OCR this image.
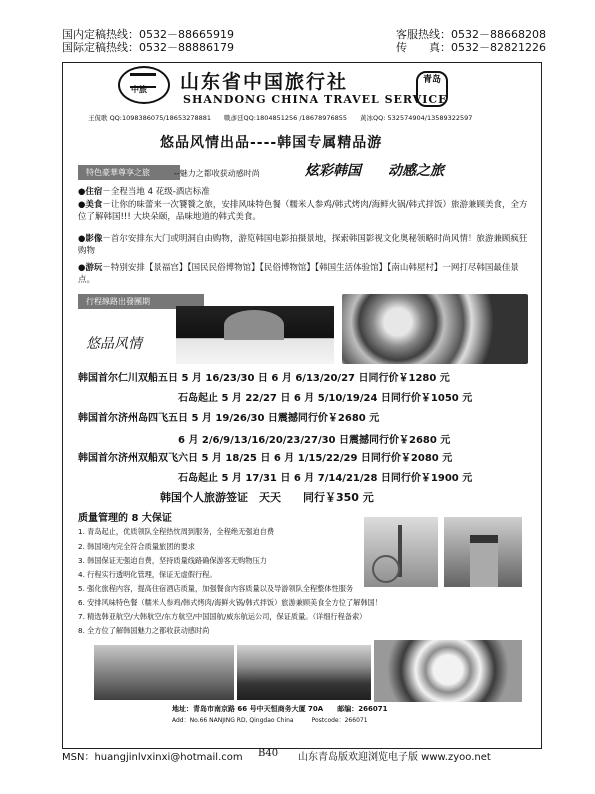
国内定稿热线：0532－88665919
国际定稿热线：0532－88886179
客服热线：0532－88668208
传　　真：0532－82821226
中旅 山东省中国旅行社
SHANDONG CHINA TRAVEL SERVICE
青岛
王侃歌 QQ:1098386075/18653278881　　戰彥廷QQ:1804851256 /18678976855　　黃冰QQ: 532574904/13589322597
悠品风情出品----韩国专属精品游
特色豪華尊享之旅	--魅力之都收获动感时尚	炫彩韩国 动感之旅
●住宿－全程当地 4 花级-酒店标准
●美食－让你的味蕾来一次饕餮之旅，安排风味特色餐（糯米人参鸡/韩式烤肉/海鲜火锅/韩式拌饭）旅游兼顾美食，全方位了解韩国!!! 大块朵颐，品味地道的韩式美食。
●影像－首尔安排东大门或明洞自由购物，游览韩国电影拍摄景地，探索韩国影视文化奥秘领略时尚风情！旅游兼顾疯狂购物
●游玩－特别安排【景福宫】【国民民俗博物馆】【民俗博物馆】【韩国生活体验馆】【南山韩屋村】一网打尽韩国最佳景点。
行程線路出發團期
悠品风情
韩国首尔仁川双船五日 5 月 16/23/30 日 6 月 6/13/20/27 日同行价￥1280 元
石岛起止 5 月 22/27 日 6 月 5/10/19/24 日同行价￥1050 元
韩国首尔济州岛四飞五日 5 月 19/26/30 日震撼同行价￥2680 元
6 月 2/6/9/13/16/20/23/27/30 日震撼同行价￥2680 元
韩国首尔济州双船双飞六日 5 月 18/25 日 6 月 1/15/22/29 日同行价￥2080 元
石岛起止 5 月 17/31 日 6 月 7/14/21/28 日同行价￥1900 元
韩国个人旅游签证　天天　　同行￥350 元
质量管理的 8 大保证
1. 青岛起止，优质领队全程热忱周到服务，全程绝无强迫自费
2. 韩国境内完全符合质量旅团的要求
3. 韩国保证无强迫自费，坚持质量线路确保游客无购物压力
4. 行程实行透明化管理，保证无虚假行程。
5. 强化旅程内容，提高住宿酒店质量，加强餐食内容质量以及导游领队全程整体性服务
6. 安排风味特色餐（糯米人参鸡/韩式烤肉/海鲜火锅/韩式拌饭）旅游兼顾美食全方位了解韩国！
7. 精选韩亚航空/大韩航空/东方航空/中国国航/威东航运公司，保证质量。（详细行程备索）
8. 全方位了解韩国魅力之都收获动感时尚
地址：青岛市南京路 66 号中天恒商务大厦 70A　　邮编：266071
Add：No.66 NANJING RD, Qingdao China　　　Postcode：266071
MSN：huangjinlvxinxi@hotmail.com B40 山东青岛版欢迎浏览电子版 www.zyoo.net
